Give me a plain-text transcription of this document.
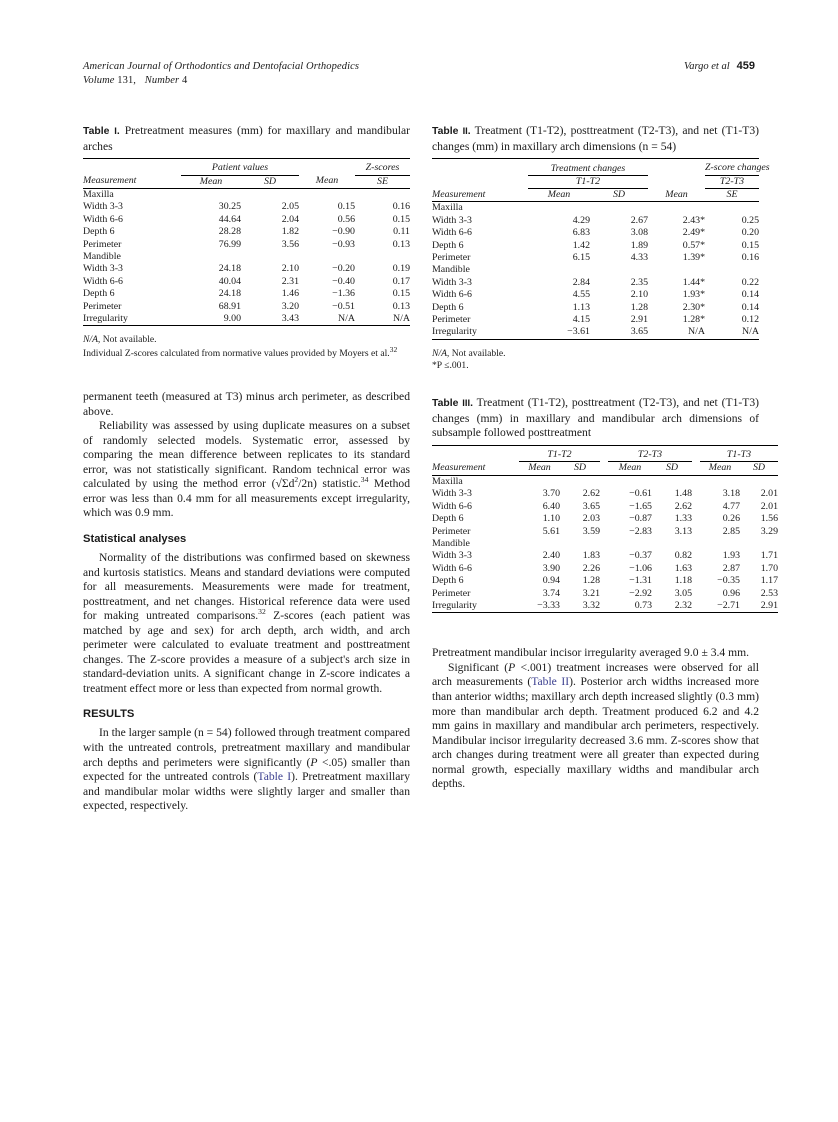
American Journal of Orthodontics and Dentofacial Orthopedics
Volume 131, Number 4
Vargo et al 459
Table I. Pretreatment measures (mm) for maxillary and mandibular arches

	Patient values			Z-scores
Measurement	Mean	SD	Mean	SE

Maxilla				
Width 3-3	30.25	2.05	0.15	0.16
Width 6-6	44.64	2.04	0.56	0.15
Depth 6	28.28	1.82	−0.90	0.11
Perimeter	76.99	3.56	−0.93	0.13
Mandible				
Width 3-3	24.18	2.10	−0.20	0.19
Width 6-6	40.04	2.31	−0.40	0.17
Depth 6	24.18	1.46	−1.36	0.15
Perimeter	68.91	3.20	−0.51	0.13
Irregularity	9.00	3.43	N/A	N/A

N/A, Not available.
Individual Z-scores calculated from normative values provided by Moyers et al.$^{32}$

permanent teeth (measured at T3) minus arch perimeter, as described above.

Reliability was assessed by using duplicate measures on a subset of randomly selected models. Systematic error, assessed by comparing the mean difference between replicates to its standard error, was not statistically significant. Random technical error was calculated by using the method error $(√\Sigma d^2/2n)$ statistic.$^{34}$ Method error was less than 0.4 mm for all measurements except irregularity, which was 0.9 mm.

Statistical analyses

Normality of the distributions was confirmed based on skewness and kurtosis statistics. Means and standard deviations were computed for all measurements. Measurements were made for treatment, posttreatment, and net changes. Historical reference data were used for making untreated comparisons.$^{32}$ Z-scores (each patient was matched by age and sex) for arch depth, arch width, and arch perimeter were calculated to evaluate treatment and posttreatment changes. The Z-score provides a measure of a subject's arch size in standard-deviation units. A significant change in Z-score indicates a treatment effect more or less than expected from normal growth.

RESULTS

In the larger sample (n = 54) followed through treatment compared with the untreated controls, pretreatment maxillary and mandibular arch depths and perimeters were significantly (P <.05) smaller than expected for the untreated controls (Table I). Pretreatment maxillary and mandibular molar widths were slightly larger and smaller than expected, respectively.

Table II. Treatment (T1-T2), posttreatment (T2-T3), and net (T1-T3) changes (mm) in maxillary arch dimensions (n = 54)

	Treatment changes			Z-score changes
	T1-T2			T2-T3
Measurement	Mean	SD	Mean	SE

Maxilla				
Width 3-3	4.29	2.67	2.43*	0.25
Width 6-6	6.83	3.08	2.49*	0.20
Depth 6	1.42	1.89	0.57*	0.15
Perimeter	6.15	4.33	1.39*	0.16
Mandible				
Width 3-3	2.84	2.35	1.44*	0.22
Width 6-6	4.55	2.10	1.93*	0.14
Depth 6	1.13	1.28	2.30*	0.14
Perimeter	4.15	2.91	1.28*	0.12
Irregularity	−3.61	3.65	N/A	N/A

N/A, Not available.
*P ≤.001.
Table III. Treatment (T1-T2), posttreatment (T2-T3), and net (T1-T3) changes (mm) in maxillary and mandibular arch dimensions of subsample followed posttreatment

	T1-T2			T2-T3			T1-T3	
Measurement	Mean	SD		Mean	SD		Mean	SD

Maxilla								
Width 3-3	3.70	2.62		−0.61	1.48		3.18	2.01
Width 6-6	6.40	3.65		−1.65	2.62		4.77	2.01
Depth 6	1.10	2.03		−0.87	1.33		0.26	1.56
Perimeter	5.61	3.59		−2.83	3.13		2.85	3.29
Mandible								
Width 3-3	2.40	1.83		−0.37	0.82		1.93	1.71
Width 6-6	3.90	2.26		−1.06	1.63		2.87	1.70
Depth 6	0.94	1.28		−1.31	1.18		−0.35	1.17
Perimeter	3.74	3.21		−2.92	3.05		0.96	2.53
Irregularity	−3.33	3.32		0.73	2.32		−2.71	2.91

Pretreatment mandibular incisor irregularity averaged 9.0 ± 3.4 mm.

Significant (P <.001) treatment increases were observed for all arch measurements (Table II). Posterior arch widths increased more than anterior widths; maxillary arch depth increased slightly (0.3 mm) more than mandibular arch depth. Treatment produced 6.2 and 4.2 mm gains in maxillary and mandibular arch perimeters, respectively. Mandibular incisor irregularity decreased 3.6 mm. Z-scores show that arch changes during treatment were all greater than expected during normal growth, especially maxillary widths and mandibular arch depths.
